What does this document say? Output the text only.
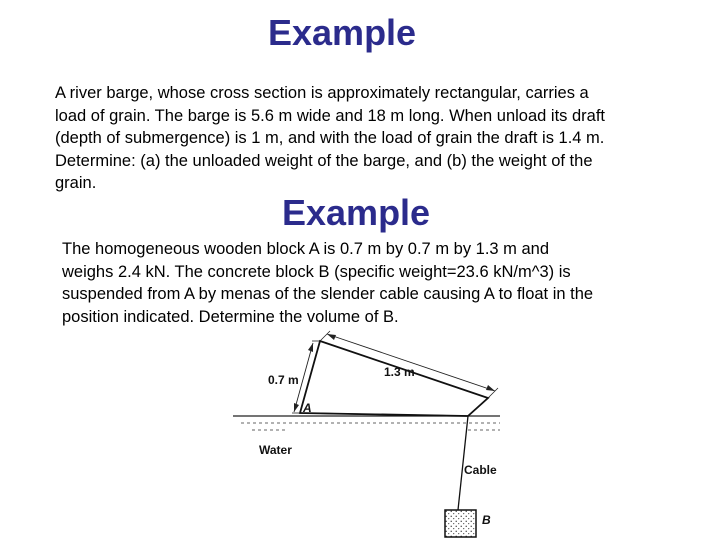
Example
A river barge, whose cross section is approximately rectangular, carries a
load of grain. The barge is 5.6 m wide and 18 m long. When unload its draft
(depth of submergence) is 1 m, and with the load of grain the draft is 1.4 m.
Determine: (a) the unloaded weight of the barge, and (b) the weight of the
grain.
Example
The homogeneous wooden block A is 0.7 m by 0.7 m by 1.3 m and
weighs 2.4 kN. The concrete block B (specific weight=23.6 kN/m^3) is
suspended from A by menas of the slender cable causing A to float in the
position indicated. Determine the volume of B.
1.3 m
0.7 m
A
Water
Cable
B
